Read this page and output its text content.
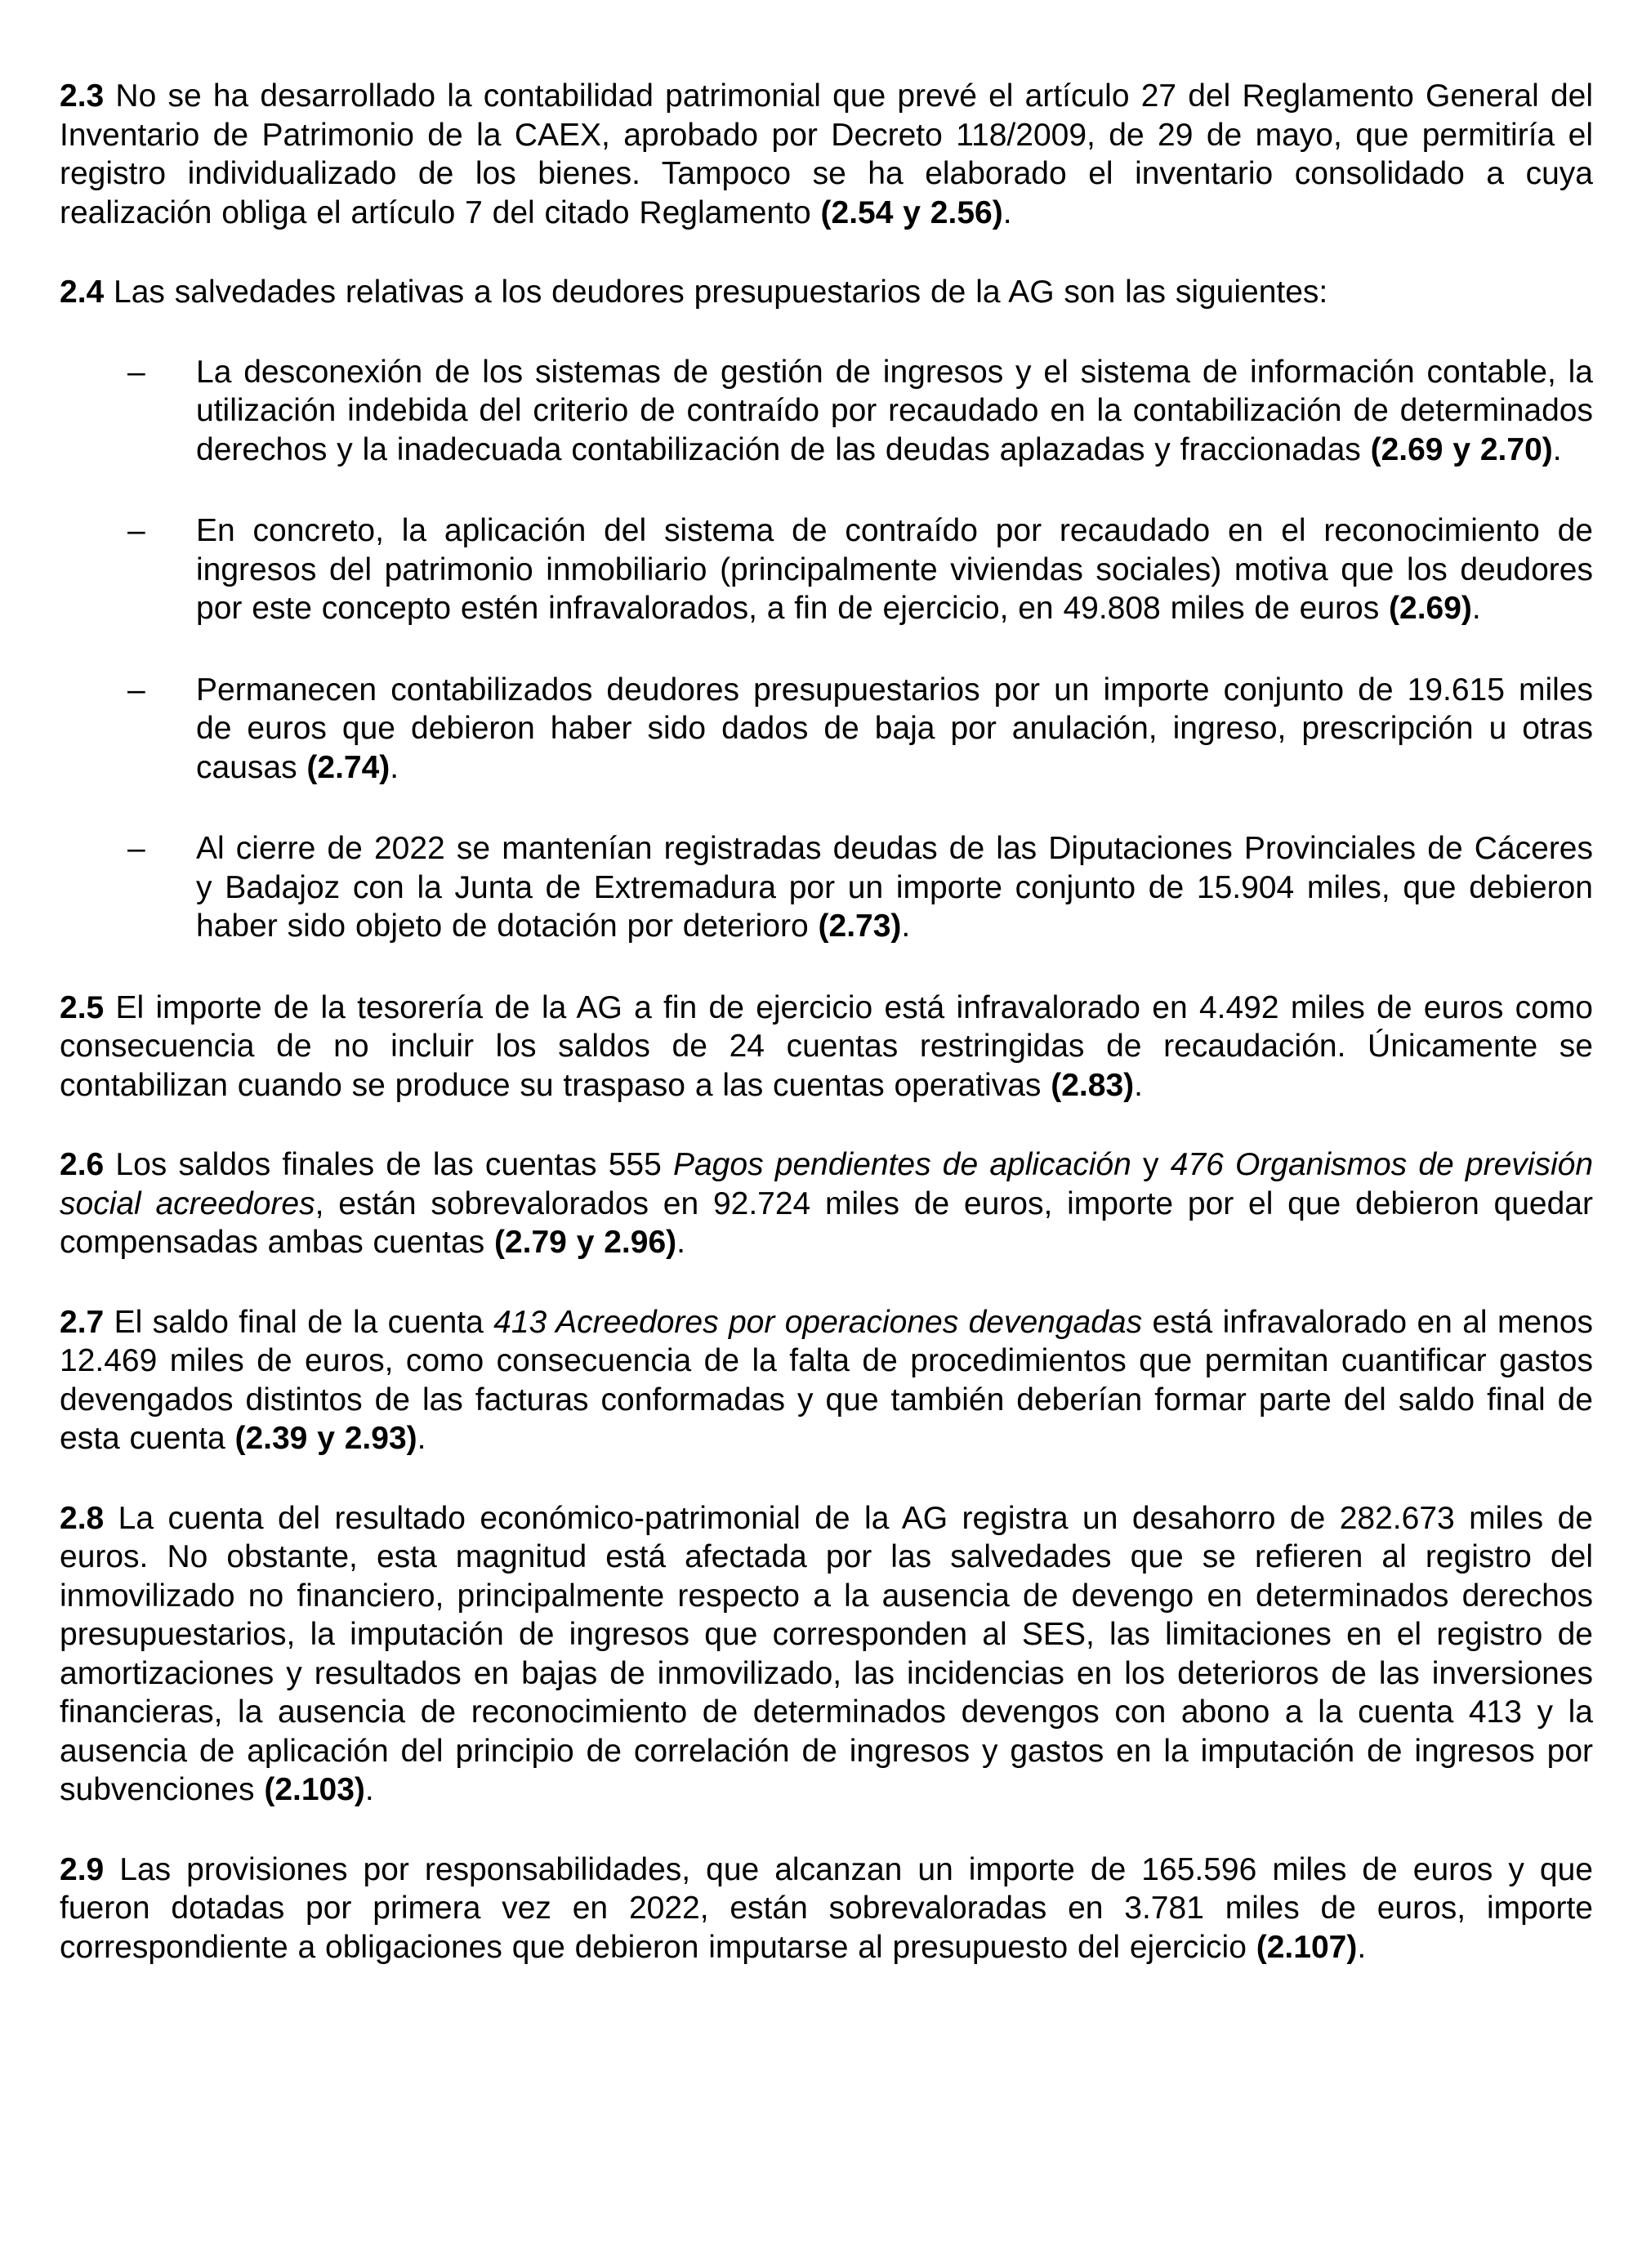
2.3 No se ha desarrollado la contabilidad patrimonial que prevé el artículo 27 del Reglamento General del Inventario de Patrimonio de la CAEX, aprobado por Decreto 118/2009, de 29 de mayo, que permitiría el registro individualizado de los bienes. Tampoco se ha elaborado el inventario consolidado a cuya realización obliga el artículo 7 del citado Reglamento (2.54 y 2.56).

2.4 Las salvedades relativas a los deudores presupuestarios de la AG son las siguientes:

– La desconexión de los sistemas de gestión de ingresos y el sistema de información contable, la utilización indebida del criterio de contraído por recaudado en la contabilización de determinados derechos y la inadecuada contabilización de las deudas aplazadas y fraccionadas (2.69 y 2.70).
– En concreto, la aplicación del sistema de contraído por recaudado en el reconocimiento de ingresos del patrimonio inmobiliario (principalmente viviendas sociales) motiva que los deudores por este concepto estén infravalorados, a fin de ejercicio, en 49.808 miles de euros (2.69).
– Permanecen contabilizados deudores presupuestarios por un importe conjunto de 19.615 miles de euros que debieron haber sido dados de baja por anulación, ingreso, prescripción u otras causas (2.74).
– Al cierre de 2022 se mantenían registradas deudas de las Diputaciones Provinciales de Cáceres y Badajoz con la Junta de Extremadura por un importe conjunto de 15.904 miles, que debieron haber sido objeto de dotación por deterioro (2.73).

2.5 El importe de la tesorería de la AG a fin de ejercicio está infravalorado en 4.492 miles de euros como consecuencia de no incluir los saldos de 24 cuentas restringidas de recaudación. Únicamente se contabilizan cuando se produce su traspaso a las cuentas operativas (2.83).

2.6 Los saldos finales de las cuentas 555 Pagos pendientes de aplicación y 476 Organismos de previsión social acreedores, están sobrevalorados en 92.724 miles de euros, importe por el que debieron quedar compensadas ambas cuentas (2.79 y 2.96).

2.7 El saldo final de la cuenta 413 Acreedores por operaciones devengadas está infravalorado en al menos 12.469 miles de euros, como consecuencia de la falta de procedimientos que permitan cuantificar gastos devengados distintos de las facturas conformadas y que también deberían formar parte del saldo final de esta cuenta (2.39 y 2.93).

2.8 La cuenta del resultado económico-patrimonial de la AG registra un desahorro de 282.673 miles de euros. No obstante, esta magnitud está afectada por las salvedades que se refieren al registro del inmovilizado no financiero, principalmente respecto a la ausencia de devengo en determinados derechos presupuestarios, la imputación de ingresos que corresponden al SES, las limitaciones en el registro de amortizaciones y resultados en bajas de inmovilizado, las incidencias en los deterioros de las inversiones financieras, la ausencia de reconocimiento de determinados devengos con abono a la cuenta 413 y la ausencia de aplicación del principio de correlación de ingresos y gastos en la imputación de ingresos por subvenciones (2.103).

2.9 Las provisiones por responsabilidades, que alcanzan un importe de 165.596 miles de euros y que fueron dotadas por primera vez en 2022, están sobrevaloradas en 3.781 miles de euros, importe correspondiente a obligaciones que debieron imputarse al presupuesto del ejercicio (2.107).
